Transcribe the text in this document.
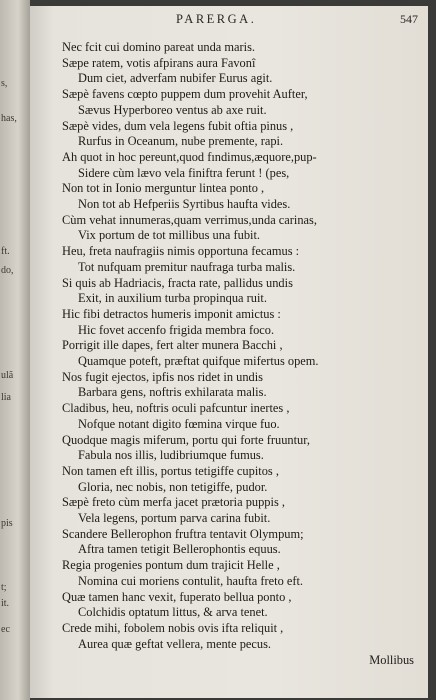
s,
has,
ft.
do,
ulã
lia
pis
t;
it.
ec
PARERGA.	547
Nec fcit cui domino pareat unda maris.
Sæpe ratem, votis afpirans aura Favonî
Dum ciet, adverfam nubifer Eurus agit.
Sæpè favens cœpto puppem dum provehit Aufter,
Sævus Hyperboreo ventus ab axe ruit.
Sæpè vides, dum vela legens fubit oftia pinus ,
Rurfus in Oceanum, nube premente, rapi.
Ah quot in hoc pereunt,quod fındimus,æquore,pup-
Sidere cùm lævo vela finiftra ferunt ! (pes,
Non tot in Ionio merguntur lintea ponto ,
Non tot ab Hefperiis Syrtibus haufta vides.
Cùm vehat innumeras,quam verrimus,unda carinas,
Vix portum de tot millibus una fubit.
Heu, freta naufragiis nimis opportuna fecamus :
Tot nufquam premitur naufraga turba malis.
Si quis ab Hadriacis, fracta rate, pallidus undis
Exit, in auxilium turba propinqua ruit.
Hic fibi detractos humeris imponit amictus :
Hic fovet accenfo frigida membra foco.
Porrigit ille dapes, fert alter munera Bacchi ,
Quamque poteft, præftat quifque mifertus opem.
Nos fugit ejectos, ipfis nos ridet in undis
Barbara gens, noftris exhilarata malis.
Cladibus, heu, noftris oculi pafcuntur inertes ,
Nofque notant digito fœmina virque fuo.
Quodque magis miferum, portu qui forte fruuntur,
Fabula nos illis, ludibriumque fumus.
Non tamen eft illis, portus tetigiffe cupitos ,
Gloria, nec nobis, non tetigiffe, pudor.
Sæpè freto cùm merfa jacet prætoria puppis ,
Vela legens, portum parva carina fubit.
Scandere Bellerophon fruftra tentavit Olympum;
Aftra tamen tetigit Bellerophontis equus.
Regia progenies pontum dum trajicit Helle ,
Nomina cui moriens contulit, haufta freto eft.
Quæ tamen hanc vexit, fuperato bellua ponto ,
Colchidis optatum littus, & arva tenet.
Crede mihi, fobolem nobis ovis ifta reliquit ,
Aurea quæ geftat vellera, mente pecus.
Mollibus
